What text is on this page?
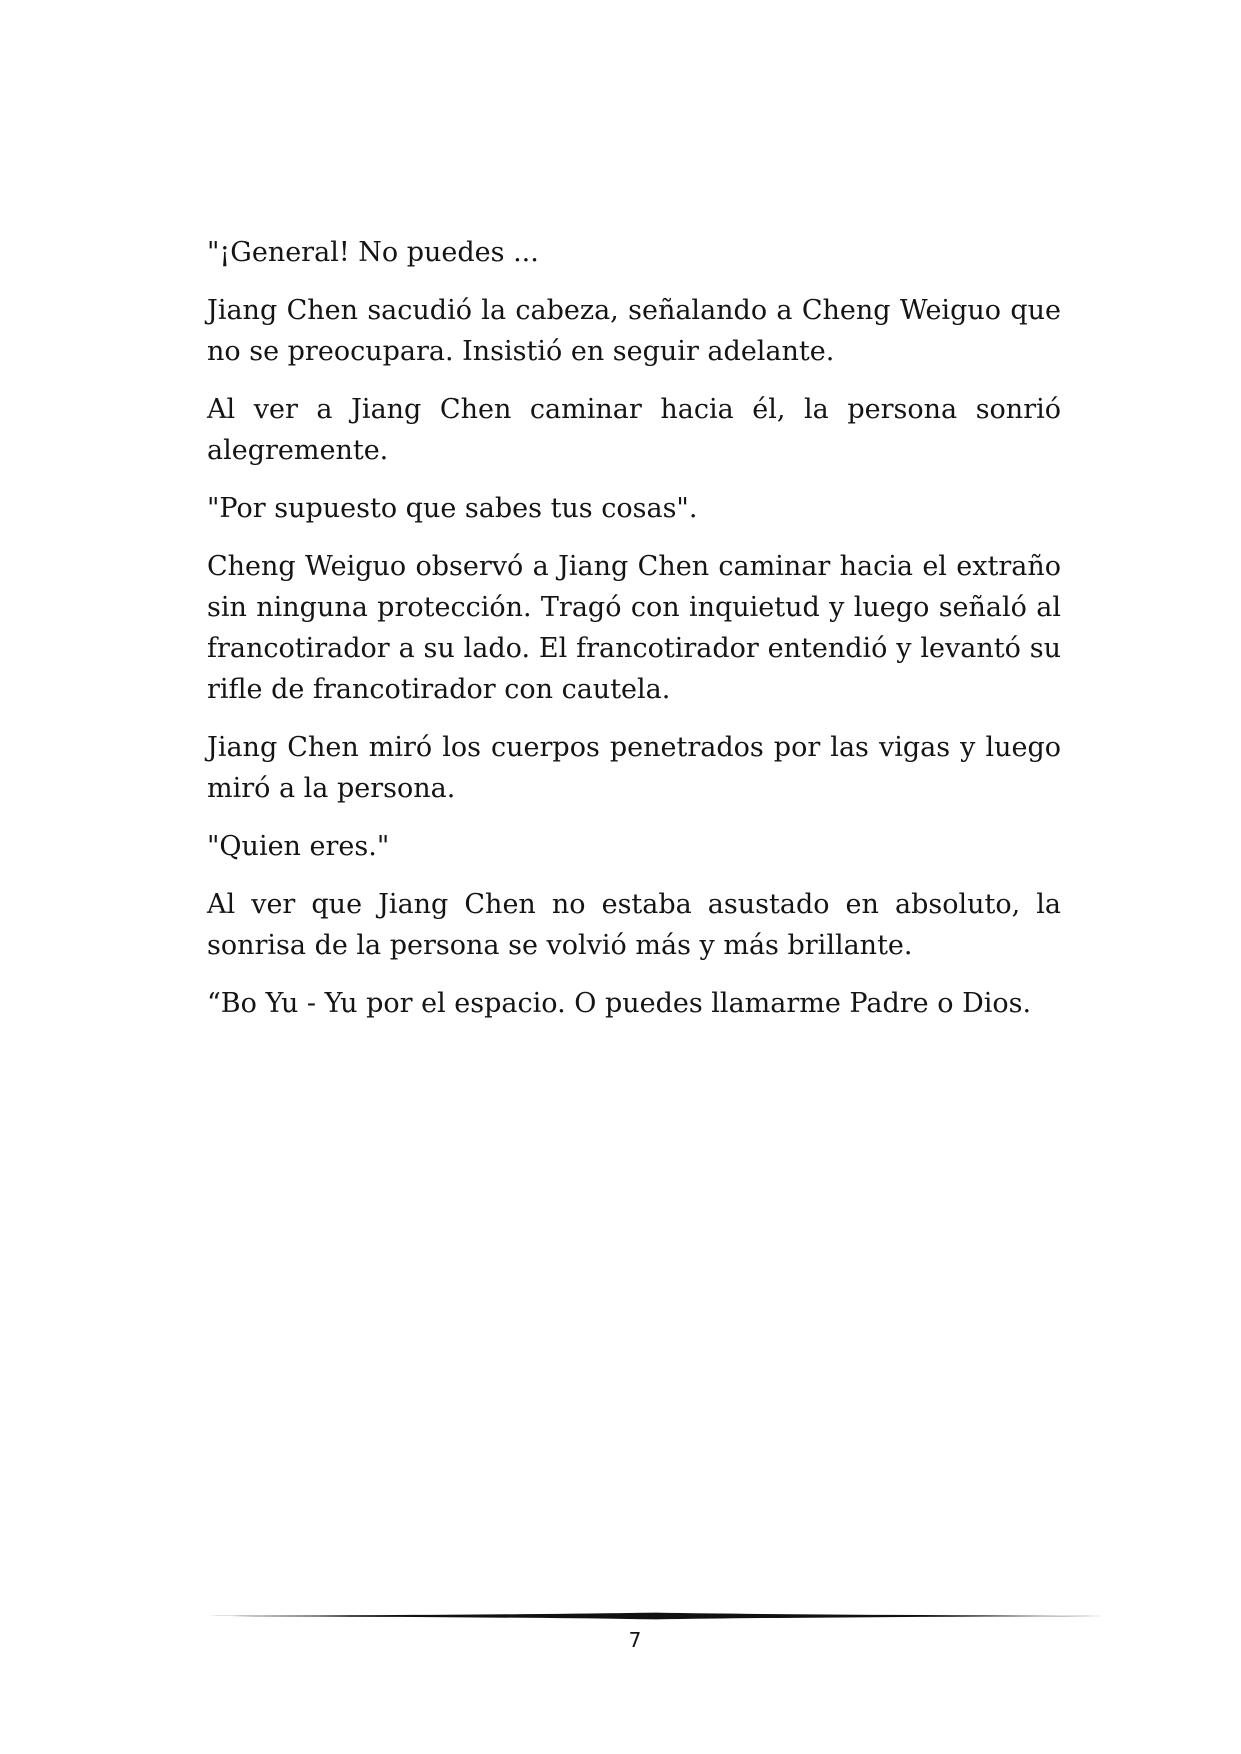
"¡General! No puedes ...

Jiang Chen sacudió la cabeza, señalando a Cheng Weiguo que no se preocupara. Insistió en seguir adelante.

Al ver a Jiang Chen caminar hacia él, la persona sonrió alegremente.

"Por supuesto que sabes tus cosas".

Cheng Weiguo observó a Jiang Chen caminar hacia el extraño sin ninguna protección. Tragó con inquietud y luego señaló al francotirador a su lado. El francotirador entendió y levantó su rifle de francotirador con cautela.

Jiang Chen miró los cuerpos penetrados por las vigas y luego miró a la persona.

"Quien eres."

Al ver que Jiang Chen no estaba asustado en absoluto, la sonrisa de la persona se volvió más y más brillante.

“Bo Yu - Yu por el espacio. O puedes llamarme Padre o Dios.

7
